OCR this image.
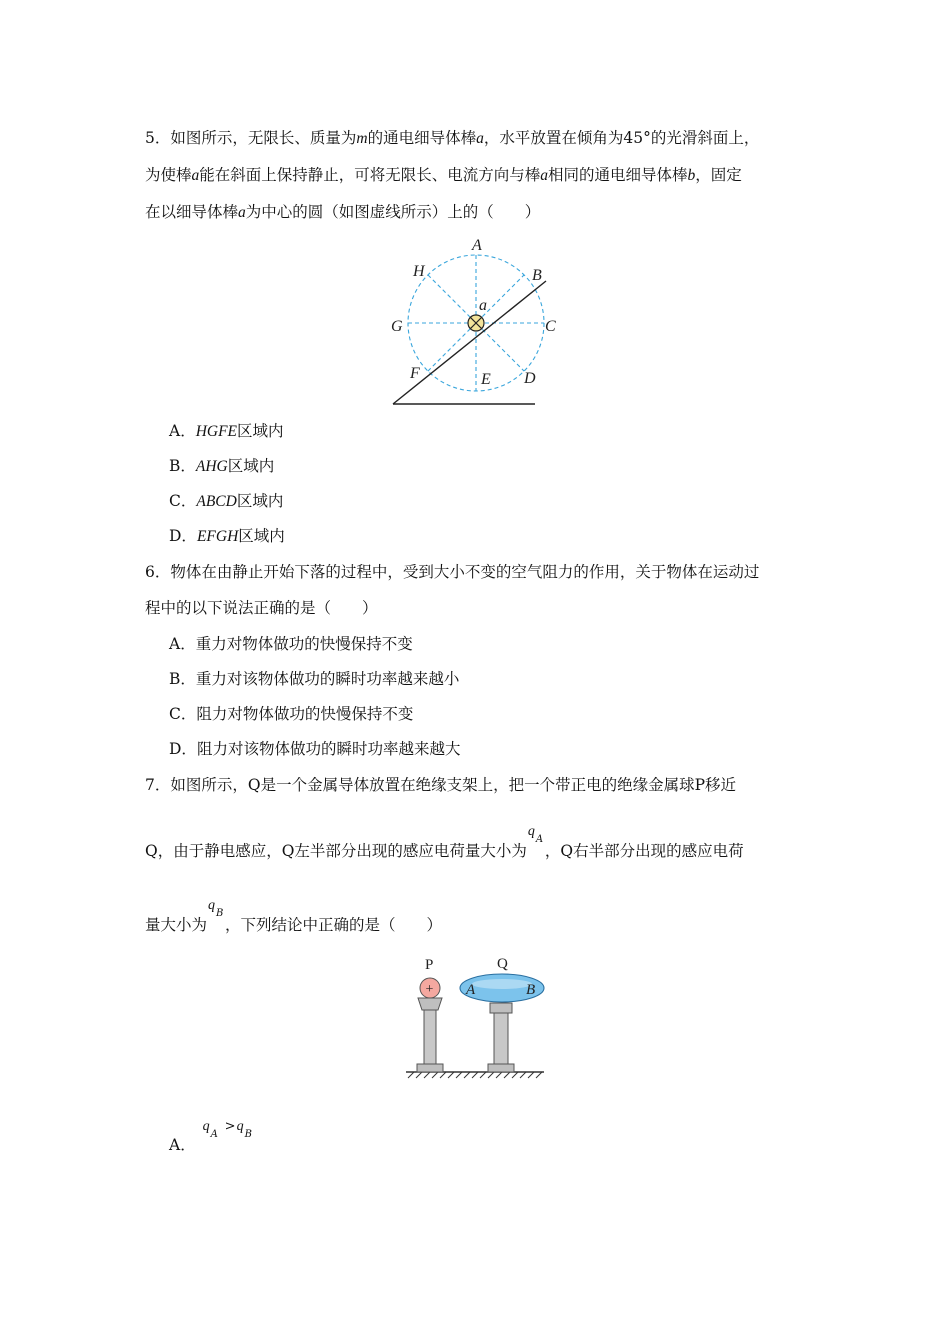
5．如图所示，无限长、质量为m的通电细导体棒a，水平放置在倾角为45°的光滑斜面上，
为使棒a能在斜面上保持静止，可将无限长、电流方向与棒a相同的通电细导体棒b，固定
在以细导体棒a为中心的圆（如图虚线所示）上的（　　）
A
B
C
D
E
F
G
H
a
A．HGFE区域内
B．AHG区域内
C．ABCD区域内
D．EFGH区域内
6．物体在由静止开始下落的过程中，受到大小不变的空气阻力的作用，关于物体在运动过
程中的以下说法正确的是（　　）
A．重力对物体做功的快慢保持不变
B．重力对该物体做功的瞬时功率越来越小
C．阻力对物体做功的快慢保持不变
D．阻力对该物体做功的瞬时功率越来越大
7．如图所示，Q是一个金属导体放置在绝缘支架上，把一个带正电的绝缘金属球P移近
Q，由于静电感应，Q左半部分出现的感应电荷量大小为
q
A
，Q右半部分出现的感应电荷
量大小为
q
B
，下列结论中正确的是（　　）
+
P
A	B
Q
A．
q
A
> q
B
